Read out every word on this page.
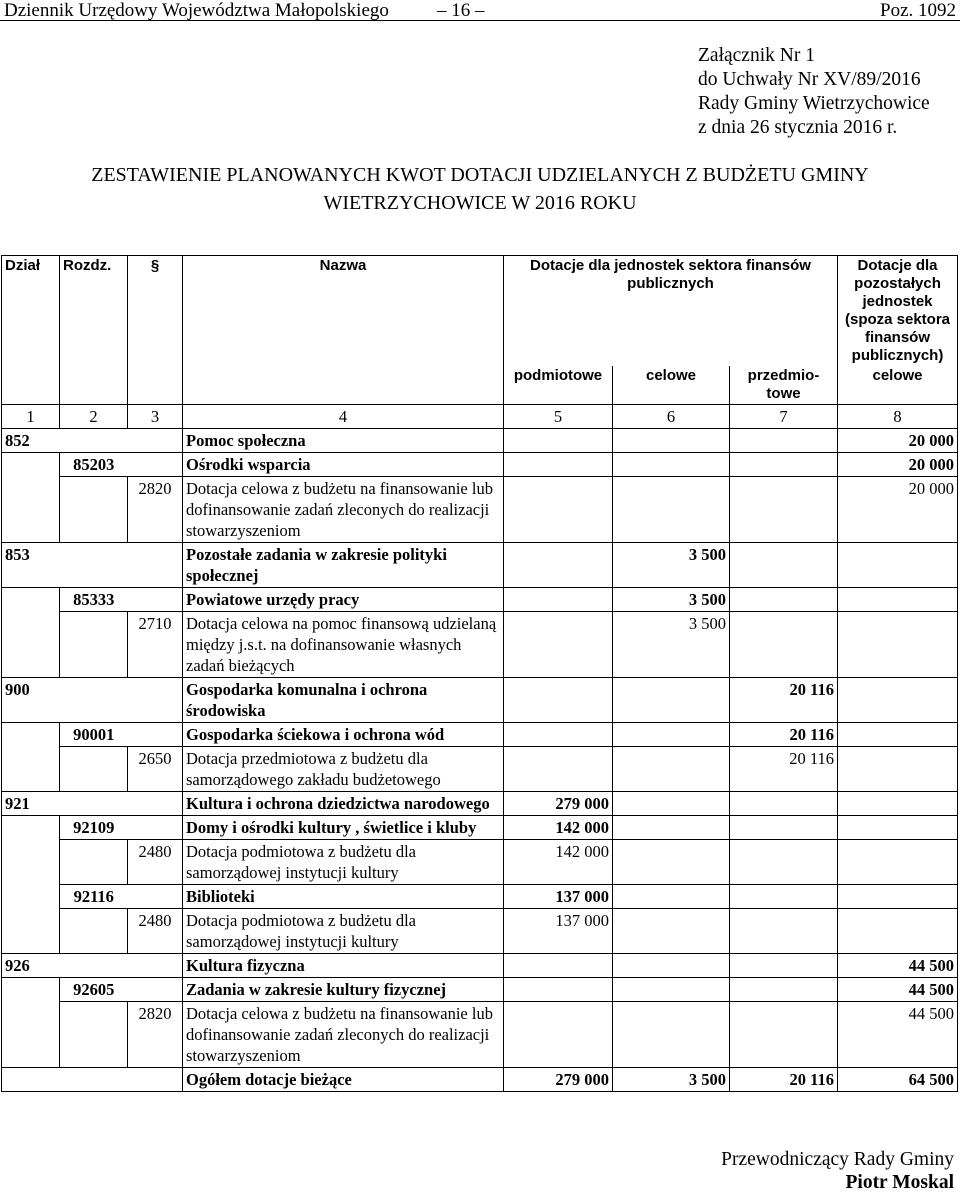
Dziennik Urzędowy Województwa Małopolskiego	– 16 –	Poz. 1092
Załącznik Nr 1
do Uchwały Nr XV/89/2016
Rady Gminy Wietrzychowice
z dnia 26 stycznia 2016 r.
ZESTAWIENIE PLANOWANYCH KWOT DOTACJI UDZIELANYCH Z BUDŻETU GMINY
WIETRZYCHOWICE W 2016 ROKU
Dział	Rozdz.	§	Nazwa	Dotacje dla jednostek sektora finansów publicznych			Dotacje dla pozostałych jednostek (spoza sektora finansów publicznych)
				podmiotowe	celowe	przedmio-towe	celowe
1	2	3	4	5	6	7	8
852			Pomoc społeczna				20 000
	85203		Ośrodki wsparcia				20 000
		2820	Dotacja celowa z budżetu na finansowanie lub dofinansowanie zadań zleconych do realizacji stowarzyszeniom				20 000
853			Pozostałe zadania w zakresie polityki społecznej		3 500		
	85333		Powiatowe urzędy pracy		3 500		
		2710	Dotacja celowa na pomoc finansową udzielaną między j.s.t. na dofinansowanie własnych zadań bieżących		3 500		
900			Gospodarka komunalna i ochrona środowiska			20 116	
	90001		Gospodarka ściekowa i ochrona wód			20 116	
		2650	Dotacja przedmiotowa z budżetu dla samorządowego zakładu budżetowego			20 116	
921			Kultura i ochrona dziedzictwa narodowego	279 000			
	92109		Domy i ośrodki kultury , świetlice i kluby	142 000			
		2480	Dotacja podmiotowa z budżetu dla samorządowej instytucji kultury	142 000			
	92116		Biblioteki	137 000			
		2480	Dotacja podmiotowa z budżetu dla samorządowej instytucji kultury	137 000			
926			Kultura fizyczna				44 500
	92605		Zadania w zakresie kultury fizycznej				44 500
		2820	Dotacja celowa z budżetu na finansowanie lub dofinansowanie zadań zleconych do realizacji stowarzyszeniom				44 500
			Ogółem dotacje bieżące	279 000	3 500	20 116	64 500
Przewodniczący Rady Gminy
Piotr Moskal
